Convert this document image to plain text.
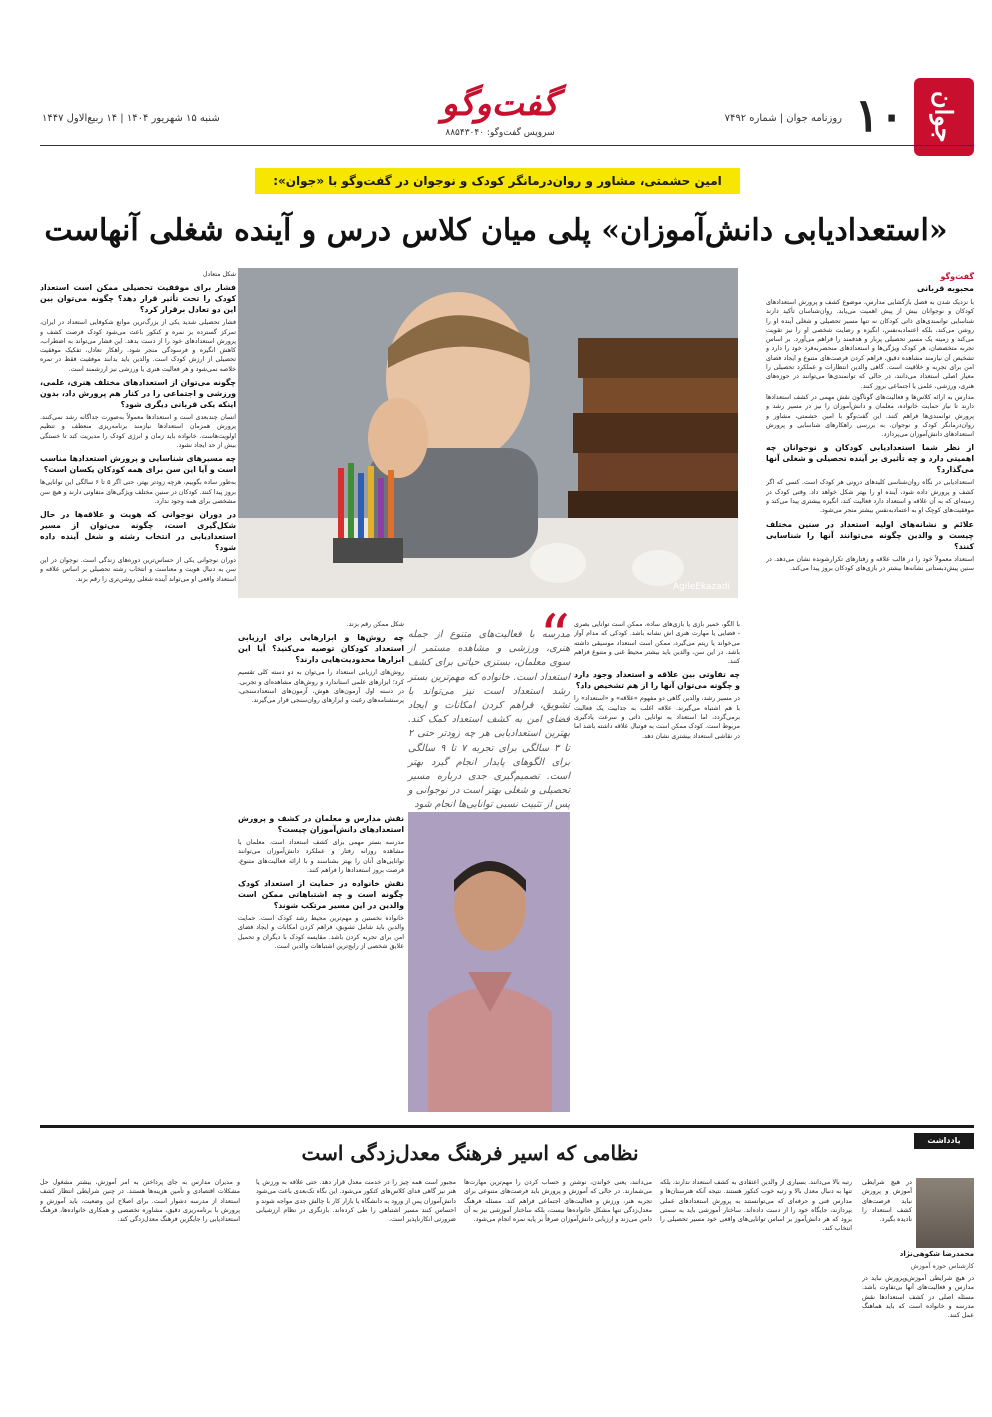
جوان
۱۰
روزنامه جوان | شماره ۷۴۹۲
گفت‌وگو
سرویس گفت‌وگو: ۸۸۵۴۳۰۴۰
شنبه ۱۵ شهریور ۱۴۰۴ | ۱۴ ربیع‌الاول ۱۴۴۷
امین حشمتی، مشاور و روان‌درمانگر کودک و نوجوان در گفت‌وگو با «جوان»:
«استعدادیابی دانش‌آموزان» پلی میان کلاس درس و آینده شغلی آنهاست
گفت‌وگو
محبوبه قربانی

با نزدیک شدن به فصل بازگشایی مدارس، موضوع کشف و پرورش استعدادهای کودکان و نوجوانان بیش از پیش اهمیت می‌یابد. روان‌شناسان تأکید دارند شناسایی توانمندی‌های ذاتی کودکان نه تنها مسیر تحصیلی و شغلی آینده او را روشن می‌کند، بلکه اعتمادبه‌نفس، انگیزه و رضایت شخصی او را نیز تقویت می‌کند و زمینه یک مسیر تحصیلی پربار و هدفمند را فراهم می‌آورد. بر اساس تجربه متخصصان، هر کودک ویژگی‌ها و استعدادهای منحصربه‌فرد خود را دارد و تشخیص آن نیازمند مشاهده دقیق، فراهم کردن فرصت‌های متنوع و ایجاد فضای امن برای تجربه و خلاقیت است. گاهی والدین انتظارات و عملکرد تحصیلی را معیار اصلی استعداد می‌دانند، در حالی که توانمندی‌ها می‌توانند در حوزه‌های هنری، ورزشی، علمی یا اجتماعی بروز کنند.

مدارس به ارائه کلاس‌ها و فعالیت‌های گوناگون نقش مهمی در کشف استعدادها دارند تا نیاز حمایت خانواده، معلمان و دانش‌آموزان را نیز در مسیر رشد و پرورش توانمندی‌ها فراهم کنند. این گفت‌وگو با امین حشمتی، مشاور و روان‌درمانگر کودک و نوجوان، به بررسی راهکارهای شناسایی و پرورش استعدادهای دانش‌آموزان می‌پردازد.

از نظر شما استعدادیابی کودکان و نوجوانان چه اهمیتی دارد و چه تأثیری بر آینده تحصیلی و شغلی آنها می‌گذارد؟

استعدادیابی در نگاه روان‌شناسی کلیدهای درونی هر کودک است. کسی که اگر کشف و پرورش داده شود، آینده او را بهتر شکل خواهد داد. وقتی کودک در زمینه‌ای که به آن علاقه و استعداد دارد فعالیت کند، انگیزه بیشتری پیدا می‌کند و موفقیت‌های کوچک او به اعتمادبه‌نفس بیشتر منجر می‌شود.

علائم و نشانه‌های اولیه استعداد در سنین مختلف چیست و والدین چگونه می‌توانند آنها را شناسایی کنند؟

استعداد معمولاً خود را در قالب علاقه و رفتارهای تکرارشونده نشان می‌دهد. در سنین پیش‌دبستانی نشانه‌ها بیشتر در بازی‌های کودکان بروز پیدا می‌کند.

شکل متعادل

فشار برای موفقیت تحصیلی ممکن است استعداد کودک را تحت تأثیر قرار دهد؟ چگونه می‌توان بین این دو تعادل برقرار کرد؟

فشار تحصیلی شدید یکی از بزرگ‌ترین موانع شکوفایی استعداد در ایران، تمرکز گسترده بر نمره و کنکور باعث می‌شود کودک فرصت کشف و پرورش استعدادهای خود را از دست بدهد. این فشار می‌تواند به اضطراب، کاهش انگیزه و فرسودگی منجر شود. راهکار تعادل، تفکیک موفقیت تحصیلی از ارزش کودک است. والدین باید بدانند موفقیت فقط در نمره خلاصه نمی‌شود و هر فعالیت هنری یا ورزشی نیز ارزشمند است.

چگونه می‌توان از استعدادهای مختلف هنری، علمی، ورزشی و اجتماعی را در کنار هم پرورش داد، بدون اینکه یکی قربانی دیگری شود؟

انسان چندبعدی است و استعدادها معمولاً به‌صورت جداگانه رشد نمی‌کنند. پرورش همزمان استعدادها نیازمند برنامه‌ریزی منعطف و تنظیم اولویت‌هاست. خانواده باید زمان و انرژی کودک را مدیریت کند تا خستگی بیش از حد ایجاد نشود.

چه مسیرهای شناسایی و پرورش استعدادها مناسب است و آیا این سن برای همه کودکان یکسان است؟

به‌طور ساده بگوییم، هرچه زودتر بهتر، حتی اگر ۵ تا ۶ سالگی این توانایی‌ها بروز پیدا کنند. کودکان در سنین مختلف ویژگی‌های متفاوتی دارند و هیچ سن مشخصی برای همه وجود ندارد.

در دوران نوجوانی که هویت و علاقه‌ها در حال شکل‌گیری است، چگونه می‌توان از مسیر استعدادیابی در انتخاب رشته و شغل آینده داده شود؟

دوران نوجوانی یکی از حساس‌ترین دوره‌های زندگی است. نوجوان در این سن به دنبال هویت و معناست و انتخاب رشته تحصیلی بر اساس علاقه و استعداد واقعی او می‌تواند آینده شغلی روشن‌تری را رقم بزند.

AgileEkazadi

با الگو، خمیر بازی یا بازی‌های ساده، ممکن است توانایی بصری - فضایی یا مهارت هنری اش نشانه باشد. کودکی که مدام آواز می‌خواند یا ریتم می‌گیرد، ممکن است استعداد موسیقی داشته باشد. در این سن، والدین باید بیشتر محیط غنی و متنوع فراهم کنند.

چه تفاوتی بین علاقه و استعداد وجود دارد و چگونه می‌توان آنها را از هم تشخیص داد؟

در مسیر رشد، والدین گاهی دو مفهوم «علاقه» و «استعداد» را با هم اشتباه می‌گیرند. علاقه اغلب به جذابیت یک فعالیت برمی‌گردد، اما استعداد به توانایی ذاتی و سرعت یادگیری مربوط است. کودک ممکن است به فوتبال علاقه داشته باشد اما در نقاشی استعداد بیشتری نشان دهد.

“
مدرسه‌ با فعالیت‌های متنوع از جمله هنری، ورزشی و مشاهده مستمر از سوی معلمان، بستری حیاتی برای کشف استعداد است. خانواده که مهم‌ترین بستر رشد استعداد است نیز می‌تواند با تشویق، فراهم کردن امکانات و ایجاد فضای امن به کشف استعداد کمک کند. بهترین استعدادیابی هر چه زودتر حتی ۲ تا ۳ سالگی برای تجربه ۷ تا ۹ سالگی برای الگوهای پایدار انجام گیرد بهتر است. تصمیم‌گیری جدی درباره مسیر تحصیلی و شغلی بهتر است در نوجوانی و پس از تثبیت نسبی توانایی‌ها انجام شود

شکل ممکن رقم بزند.

چه روش‌ها و ابزارهایی برای ارزیابی استعداد کودکان توصیه می‌کنید؟ آیا این ابزارها محدودیت‌هایی دارند؟

روش‌های ارزیابی استعداد را می‌توان به دو دسته کلی تقسیم کرد؛ ابزارهای علمی استاندارد و روش‌های مشاهده‌ای و تجربی. در دسته اول آزمون‌های هوش، آزمون‌های استعدادسنجی، پرسشنامه‌های رغبت و ابزارهای روان‌سنجی قرار می‌گیرند.

نقش مدارس و معلمان در کشف و پرورش استعدادهای دانش‌آموزان چیست؟

مدرسه بستر مهمی برای کشف استعداد است. معلمان با مشاهده روزانه رفتار و عملکرد دانش‌آموزان می‌توانند توانایی‌های آنان را بهتر بشناسند و با ارائه فعالیت‌های متنوع، فرصت بروز استعدادها را فراهم کنند.

نقش خانواده در حمایت از استعداد کودک چگونه است و چه اشتباهاتی ممکن است والدین در این مسیر مرتکب شوند؟

خانواده نخستین و مهم‌ترین محیط رشد کودک است. حمایت والدین باید شامل تشویق، فراهم کردن امکانات و ایجاد فضای امن برای تجربه کردن باشد. مقایسه کودک با دیگران و تحمیل علایق شخصی از رایج‌ترین اشتباهات والدین است.

یادداشت
نظامی که اسیر فرهنگ معدل‌زدگی است
در هیچ شرایطی آموزش و پرورش نباید فرصت‌های کشف استعداد را نادیده بگیرد.
محمدرضا شکوهی‌نژاد
کارشناس حوزه آموزش
در هیچ شرایطی آموزش‌وپرورش نباید در مدارس و فعالیت‌های آنها بی‌تفاوت باشد. مسئله اصلی در کشف استعدادها نقش مدرسه و خانواده است که باید هماهنگ عمل کنند.

رتبه بالا می‌دانند. بسیاری از والدین اعتقادی به کشف استعداد ندارند، بلکه تنها به دنبال معدل بالا و رتبه خوب کنکور هستند. نتیجه آنکه هنرستان‌ها و مدارس فنی و حرفه‌ای که می‌توانستند به پرورش استعدادهای عملی بپردازند، جایگاه خود را از دست داده‌اند. ساختار آموزشی باید به سمتی برود که هر دانش‌آموز بر اساس توانایی‌های واقعی خود مسیر تحصیلی را انتخاب کند.

می‌دانند، یعنی خواندن، نوشتن و حساب کردن را مهم‌ترین مهارت‌ها می‌شمارند. در حالی که آموزش و پرورش باید فرصت‌های متنوعی برای تجربه هنر، ورزش و فعالیت‌های اجتماعی فراهم کند. مسئله فرهنگ معدل‌زدگی تنها مشکل خانواده‌ها نیست، بلکه ساختار آموزشی نیز به آن دامن می‌زند و ارزیابی دانش‌آموزان صرفاً بر پایه نمره انجام می‌شود.

مجبور است همه چیز را در خدمت معدل قرار دهد. حتی علاقه به ورزش یا هنر نیز گاهی فدای کلاس‌های کنکور می‌شود. این نگاه تک‌بعدی باعث می‌شود دانش‌آموزان پس از ورود به دانشگاه یا بازار کار با چالش جدی مواجه شوند و احساس کنند مسیر اشتباهی را طی کرده‌اند. بازنگری در نظام ارزشیابی ضرورتی انکارناپذیر است.

و مدیران مدارس به جای پرداختن به امر آموزش، بیشتر مشغول حل مشکلات اقتصادی و تأمین هزینه‌ها هستند. در چنین شرایطی انتظار کشف استعداد از مدرسه دشوار است. برای اصلاح این وضعیت، باید آموزش و پرورش با برنامه‌ریزی دقیق، مشاوره تخصصی و همکاری خانواده‌ها، فرهنگ استعدادیابی را جایگزین فرهنگ معدل‌زدگی کند.
